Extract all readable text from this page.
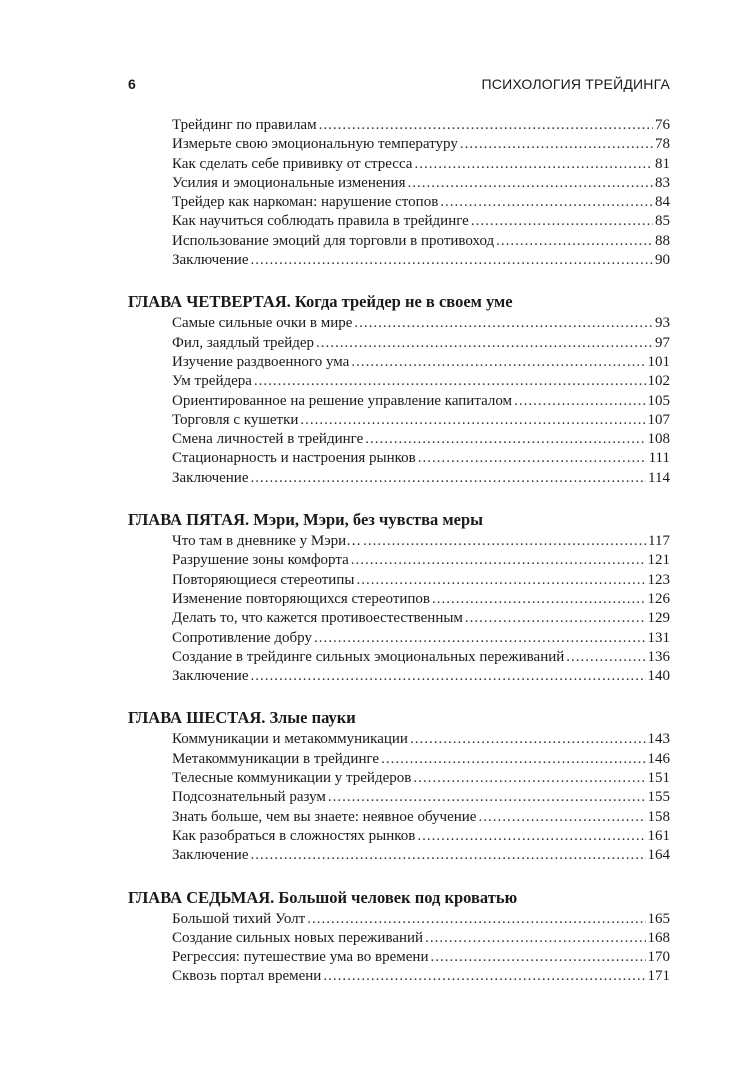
6	ПСИХОЛОГИЯ ТРЕЙДИНГА
Трейдинг по правилам .....	76
Измерьте свою эмоциональную температуру .....	78
Как сделать себе прививку от стресса .....	81
Усилия и эмоциональные изменения .....	83
Трейдер как наркоман: нарушение стопов .....	84
Как научиться соблюдать правила в трейдинге .....	85
Использование эмоций для торговли в противоход .....	88
Заключение .....	90
ГЛАВА ЧЕТВЕРТАЯ. Когда трейдер не в своем уме
Самые сильные очки в мире .....	93
Фил, заядлый трейдер .....	97
Изучение раздвоенного ума .....	101
Ум трейдера .....	102
Ориентированное на решение управление капиталом .....	105
Торговля с кушетки .....	107
Смена личностей в трейдинге .....	108
Стационарность и настроения рынков .....	111
Заключение .....	114
ГЛАВА ПЯТАЯ. Мэри, Мэри, без чувства меры
Что там в дневнике у Мэри… .....	117
Разрушение зоны комфорта .....	121
Повторяющиеся стереотипы .....	123
Изменение повторяющихся стереотипов .....	126
Делать то, что кажется противоестественным .....	129
Сопротивление добру .....	131
Создание в трейдинге сильных эмоциональных переживаний .....	136
Заключение .....	140
ГЛАВА ШЕСТАЯ. Злые пауки
Коммуникации и метакоммуникации .....	143
Метакоммуникации в трейдинге .....	146
Телесные коммуникации у трейдеров .....	151
Подсознательный разум .....	155
Знать больше, чем вы знаете: неявное обучение .....	158
Как разобраться в сложностях рынков .....	161
Заключение .....	164
ГЛАВА СЕДЬМАЯ. Большой человек под кроватью
Большой тихий Уолт .....	165
Создание сильных новых переживаний .....	168
Регрессия: путешествие ума во времени .....	170
Сквозь портал времени .....	171
